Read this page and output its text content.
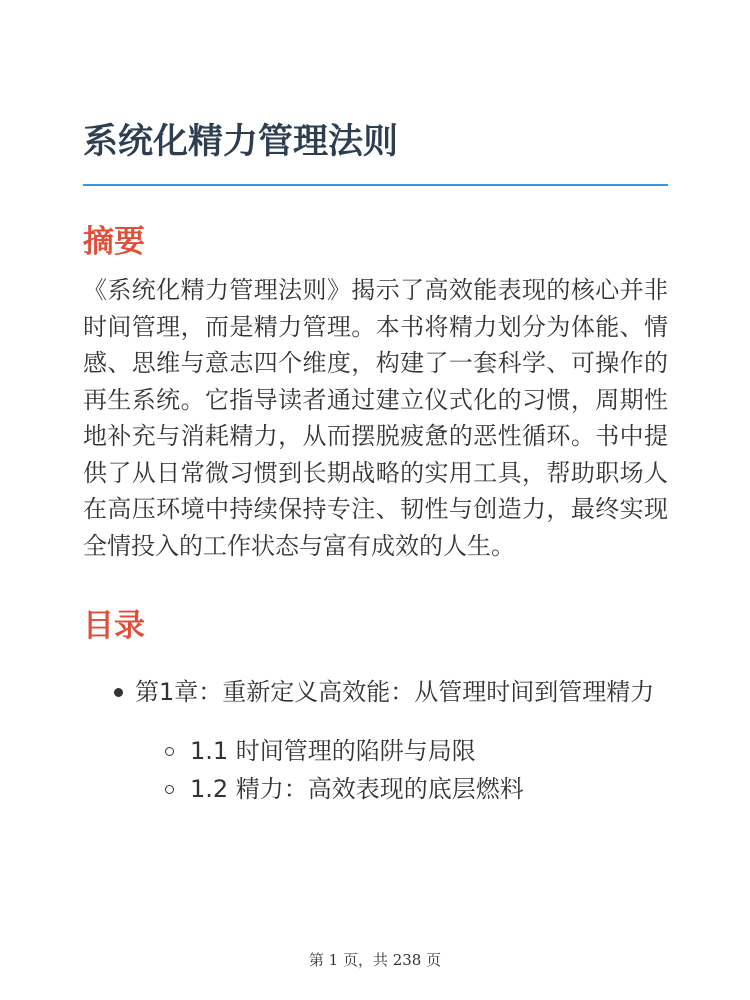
系统化精力管理法则
摘要

《系统化精力管理法则》揭示了高效能表现的核心并非时间管理，而是精力管理。本书将精力划分为体能、情感、思维与意志四个维度，构建了一套科学、可操作的再生系统。它指导读者通过建立仪式化的习惯，周期性地补充与消耗精力，从而摆脱疲惫的恶性循环。书中提供了从日常微习惯到长期战略的实用工具，帮助职场人在高压环境中持续保持专注、韧性与创造力，最终实现全情投入的工作状态与富有成效的人生。

目录
第1章：重新定义高效能：从管理时间到管理精力
1.1 时间管理的陷阱与局限
1.2 精力：高效表现的底层燃料
第 1 页，共 238 页
